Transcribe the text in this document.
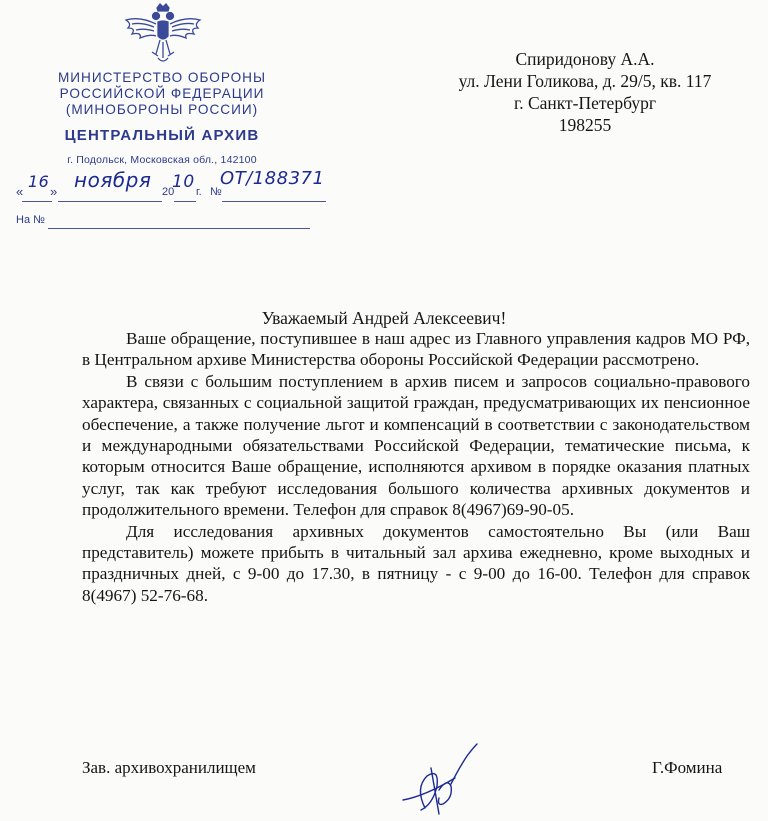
МИНИСТЕРСТВО ОБОРОНЫ
РОССИЙСКОЙ ФЕДЕРАЦИИ
(МИНОБОРОНЫ РОССИИ)
ЦЕНТРАЛЬНЫЙ АРХИВ
г. Подольск, Московская обл., 142100
«
16
» ноября 20
10 г. №
ОТ/188371
На №
Спиридонову А.А.
ул. Лени Голикова, д. 29/5, кв. 117
г. Санкт-Петербург
198255
Уважаемый Андрей Алексеевич!

Ваше обращение, поступившее в наш адрес из Главного управления кадров МО РФ, в Центральном архиве Министерства обороны Российской Федерации рассмотрено.

В связи с большим поступлением в архив писем и запросов социально-правового характера, связанных с социальной защитой граждан, предусматривающих их пенсионное обеспечение, а также получение льгот и компенсаций в соответствии с законодательством и международными обязательствами Российской Федерации, тематические письма, к которым относится Ваше обращение, исполняются архивом в порядке оказания платных услуг, так как требуют исследования большого количества архивных документов и продолжительного времени. Телефон для справок 8(4967)69-90-05.

Для исследования архивных документов самостоятельно Вы (или Ваш представитель) можете прибыть в читальный зал архива ежедневно, кроме выходных и праздничных дней, с 9-00 до 17.30, в пятницу - с 9-00 до 16-00. Телефон для справок 8(4967) 52-76-68.

Зав. архивохранилищем	Г.Фомина
